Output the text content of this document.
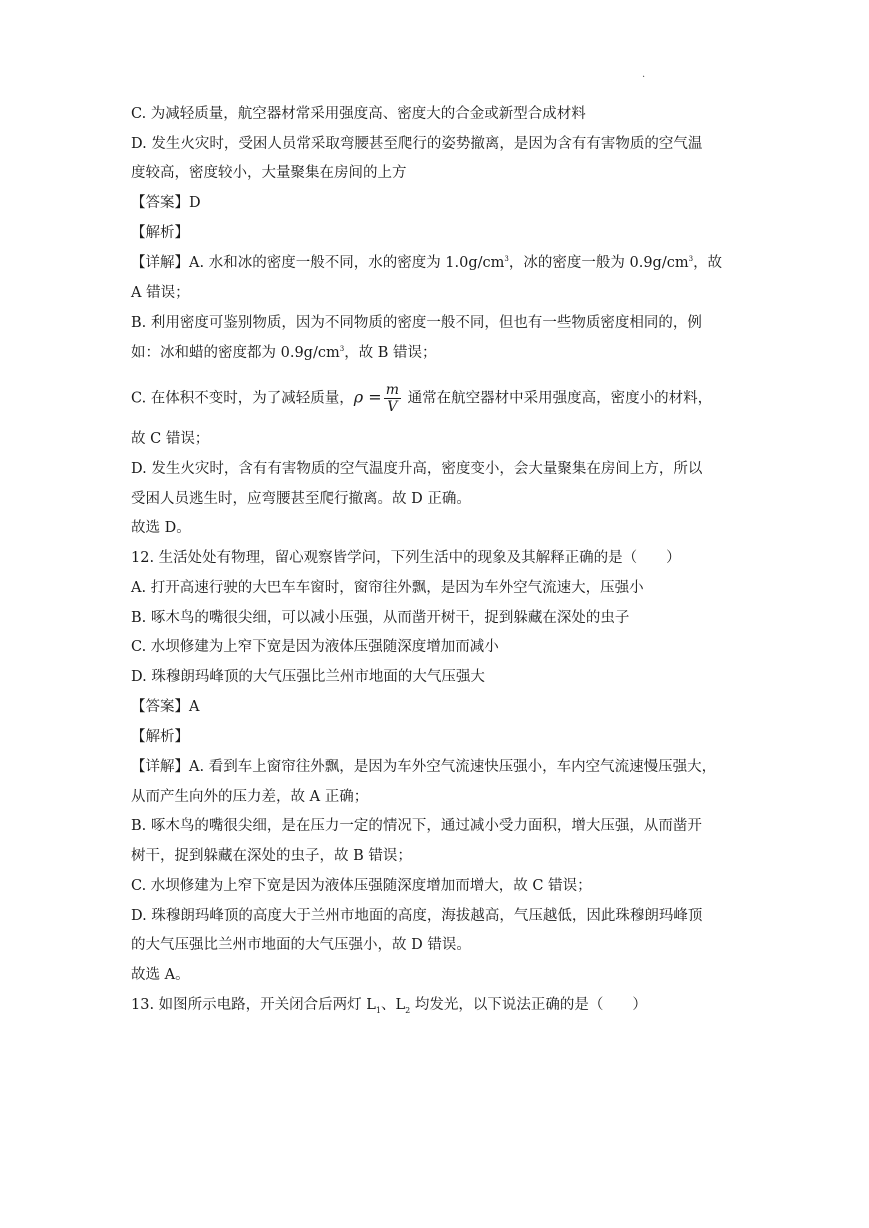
·
C. 为减轻质量，航空器材常采用强度高、密度大的合金或新型合成材料
D. 发生火灾时，受困人员常采取弯腰甚至爬行的姿势撤离，是因为含有有害物质的空气温
度较高，密度较小，大量聚集在房间的上方
【答案】D
【解析】
【详解】A. 水和冰的密度一般不同，水的密度为 $1.0g/cm^3$，冰的密度一般为 $0.9g/cm^3$，故
A 错误；
B. 利用密度可鉴别物质，因为不同物质的密度一般不同，但也有一些物质密度相同的，例
如：冰和蜡的密度都为 $0.9g/cm^3$，故 B 错误；
C. 在体积不变时，为了减轻质量，$\rho = \frac{m}{V}$ 通常在航空器材中采用强度高，密度小的材料，
故 C 错误；
D. 发生火灾时，含有有害物质的空气温度升高，密度变小，会大量聚集在房间上方，所以
受困人员逃生时，应弯腰甚至爬行撤离。故 D 正确。
故选 D。
12. 生活处处有物理，留心观察皆学问，下列生活中的现象及其解释正确的是（　　）
A. 打开高速行驶的大巴车车窗时，窗帘往外飘，是因为车外空气流速大，压强小
B. 啄木鸟的嘴很尖细，可以减小压强，从而凿开树干，捉到躲藏在深处的虫子
C. 水坝修建为上窄下宽是因为液体压强随深度增加而减小
D. 珠穆朗玛峰顶的大气压强比兰州市地面的大气压强大
【答案】A
【解析】
【详解】A. 看到车上窗帘往外飘，是因为车外空气流速快压强小，车内空气流速慢压强大，
从而产生向外的压力差，故 A 正确；
B. 啄木鸟的嘴很尖细，是在压力一定的情况下，通过减小受力面积，增大压强，从而凿开
树干，捉到躲藏在深处的虫子，故 B 错误；
C. 水坝修建为上窄下宽是因为液体压强随深度增加而增大，故 C 错误；
D. 珠穆朗玛峰顶的高度大于兰州市地面的高度，海拔越高，气压越低，因此珠穆朗玛峰顶
的大气压强比兰州市地面的大气压强小，故 D 错误。
故选 A。
13. 如图所示电路，开关闭合后两灯 $L_1$、$L_2$ 均发光，以下说法正确的是（　　）
